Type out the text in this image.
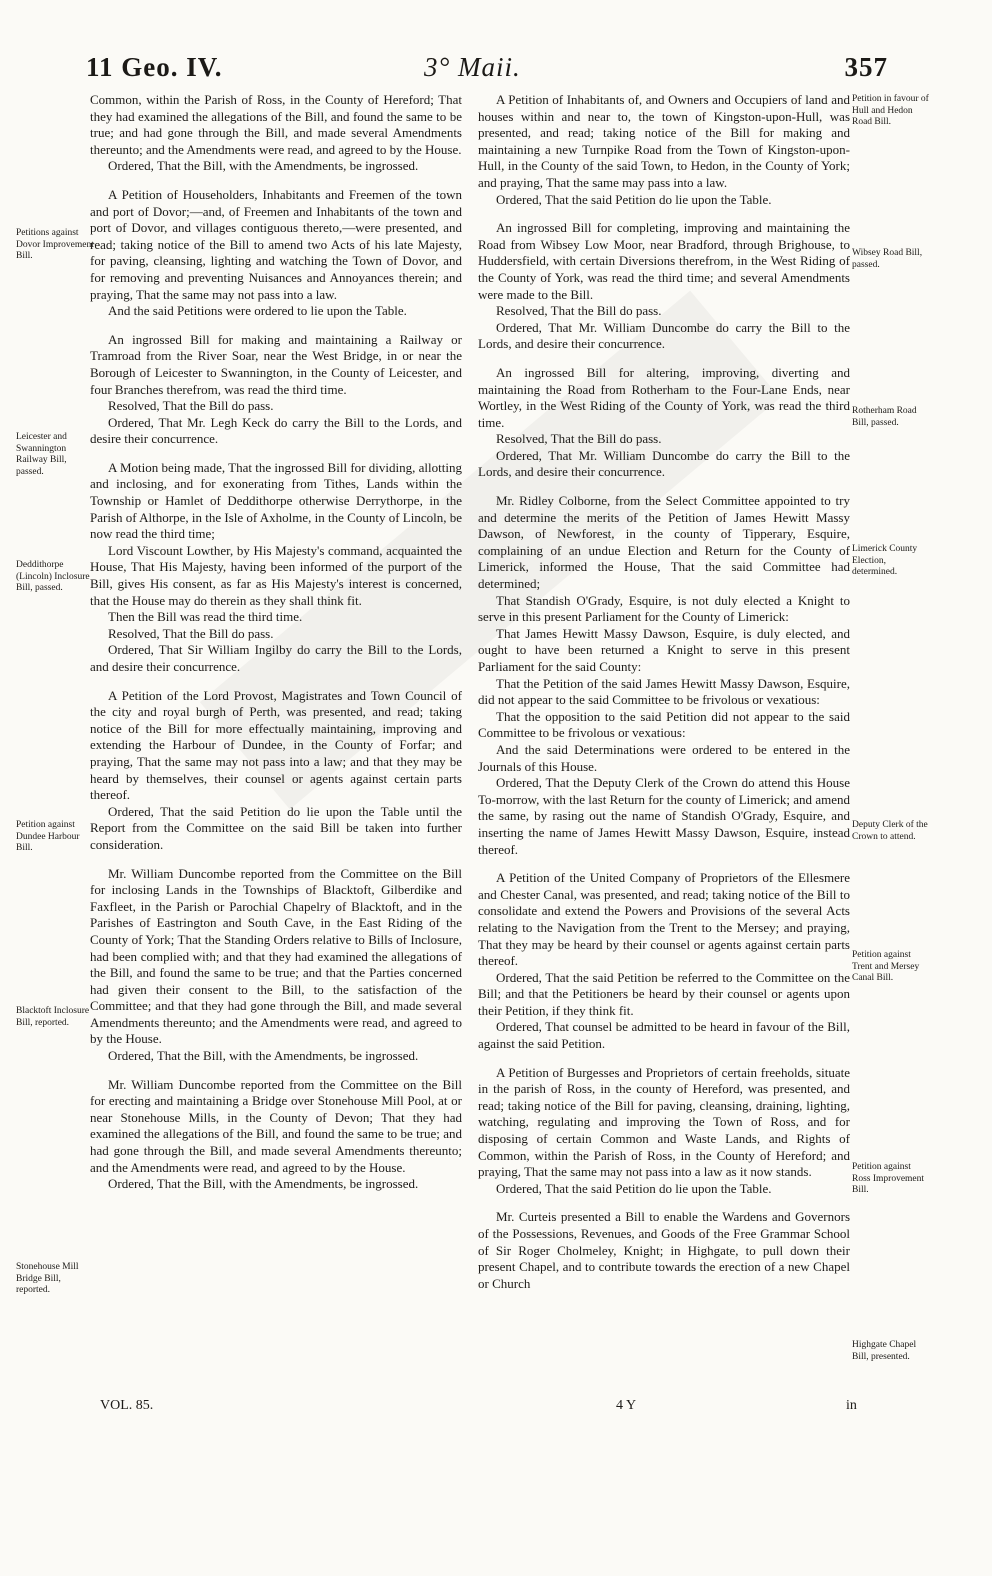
11 Geo. IV.	3° Maii.	357
Petitions against Dovor Improvement Bill.
Leicester and Swannington Railway Bill, passed.
Deddithorpe (Lincoln) Inclosure Bill, passed.
Petition against Dundee Harbour Bill.
Blacktoft Inclosure Bill, reported.
Stonehouse Mill Bridge Bill, reported.
Petition in favour of Hull and Hedon Road Bill.
Wibsey Road Bill, passed.
Rotherham Road Bill, passed.
Limerick County Election, determined.
Deputy Clerk of the Crown to attend.
Petition against Trent and Mersey Canal Bill.
Petition against Ross Improvement Bill.
Highgate Chapel Bill, presented.

Common, within the Parish of Ross, in the County of Hereford; That they had examined the allegations of the Bill, and found the same to be true; and had gone through the Bill, and made several Amendments thereunto; and the Amendments were read, and agreed to by the House.

Ordered, That the Bill, with the Amendments, be ingrossed.

A Petition of Householders, Inhabitants and Freemen of the town and port of Dovor;—and, of Freemen and Inhabitants of the town and port of Dovor, and villages contiguous thereto,—were presented, and read; taking notice of the Bill to amend two Acts of his late Majesty, for paving, cleansing, lighting and watching the Town of Dovor, and for removing and preventing Nuisances and Annoyances therein; and praying, That the same may not pass into a law.

And the said Petitions were ordered to lie upon the Table.

An ingrossed Bill for making and maintaining a Railway or Tramroad from the River Soar, near the West Bridge, in or near the Borough of Leicester to Swannington, in the County of Leicester, and four Branches therefrom, was read the third time.

Resolved, That the Bill do pass.

Ordered, That Mr. Legh Keck do carry the Bill to the Lords, and desire their concurrence.

A Motion being made, That the ingrossed Bill for dividing, allotting and inclosing, and for exonerating from Tithes, Lands within the Township or Hamlet of Deddithorpe otherwise Derrythorpe, in the Parish of Althorpe, in the Isle of Axholme, in the County of Lincoln, be now read the third time;

Lord Viscount Lowther, by His Majesty's command, acquainted the House, That His Majesty, having been informed of the purport of the Bill, gives His consent, as far as His Majesty's interest is concerned, that the House may do therein as they shall think fit.

Then the Bill was read the third time.

Resolved, That the Bill do pass.

Ordered, That Sir William Ingilby do carry the Bill to the Lords, and desire their concurrence.

A Petition of the Lord Provost, Magistrates and Town Council of the city and royal burgh of Perth, was presented, and read; taking notice of the Bill for more effectually maintaining, improving and extending the Harbour of Dundee, in the County of Forfar; and praying, That the same may not pass into a law; and that they may be heard by themselves, their counsel or agents against certain parts thereof.

Ordered, That the said Petition do lie upon the Table until the Report from the Committee on the said Bill be taken into further consideration.

Mr. William Duncombe reported from the Committee on the Bill for inclosing Lands in the Townships of Blacktoft, Gilberdike and Faxfleet, in the Parish or Parochial Chapelry of Blacktoft, and in the Parishes of Eastrington and South Cave, in the East Riding of the County of York; That the Standing Orders relative to Bills of Inclosure, had been complied with; and that they had examined the allegations of the Bill, and found the same to be true; and that the Parties concerned had given their consent to the Bill, to the satisfaction of the Committee; and that they had gone through the Bill, and made several Amendments thereunto; and the Amendments were read, and agreed to by the House.

Ordered, That the Bill, with the Amendments, be ingrossed.

Mr. William Duncombe reported from the Committee on the Bill for erecting and maintaining a Bridge over Stonehouse Mill Pool, at or near Stonehouse Mills, in the County of Devon; That they had examined the allegations of the Bill, and found the same to be true; and had gone through the Bill, and made several Amendments thereunto; and the Amendments were read, and agreed to by the House.

Ordered, That the Bill, with the Amendments, be ingrossed.

A Petition of Inhabitants of, and Owners and Occupiers of land and houses within and near to, the town of Kingston-upon-Hull, was presented, and read; taking notice of the Bill for making and maintaining a new Turnpike Road from the Town of Kingston-upon-Hull, in the County of the said Town, to Hedon, in the County of York; and praying, That the same may pass into a law.

Ordered, That the said Petition do lie upon the Table.

An ingrossed Bill for completing, improving and maintaining the Road from Wibsey Low Moor, near Bradford, through Brighouse, to Huddersfield, with certain Diversions therefrom, in the West Riding of the County of York, was read the third time; and several Amendments were made to the Bill.

Resolved, That the Bill do pass.

Ordered, That Mr. William Duncombe do carry the Bill to the Lords, and desire their concurrence.

An ingrossed Bill for altering, improving, diverting and maintaining the Road from Rotherham to the Four-Lane Ends, near Wortley, in the West Riding of the County of York, was read the third time.

Resolved, That the Bill do pass.

Ordered, That Mr. William Duncombe do carry the Bill to the Lords, and desire their concurrence.

Mr. Ridley Colborne, from the Select Committee appointed to try and determine the merits of the Petition of James Hewitt Massy Dawson, of Newforest, in the county of Tipperary, Esquire, complaining of an undue Election and Return for the County of Limerick, informed the House, That the said Committee had determined;

That Standish O'Grady, Esquire, is not duly elected a Knight to serve in this present Parliament for the County of Limerick:

That James Hewitt Massy Dawson, Esquire, is duly elected, and ought to have been returned a Knight to serve in this present Parliament for the said County:

That the Petition of the said James Hewitt Massy Dawson, Esquire, did not appear to the said Committee to be frivolous or vexatious:

That the opposition to the said Petition did not appear to the said Committee to be frivolous or vexatious:

And the said Determinations were ordered to be entered in the Journals of this House.

Ordered, That the Deputy Clerk of the Crown do attend this House To-morrow, with the last Return for the county of Limerick; and amend the same, by rasing out the name of Standish O'Grady, Esquire, and inserting the name of James Hewitt Massy Dawson, Esquire, instead thereof.

A Petition of the United Company of Proprietors of the Ellesmere and Chester Canal, was presented, and read; taking notice of the Bill to consolidate and extend the Powers and Provisions of the several Acts relating to the Navigation from the Trent to the Mersey; and praying, That they may be heard by their counsel or agents against certain parts thereof.

Ordered, That the said Petition be referred to the Committee on the Bill; and that the Petitioners be heard by their counsel or agents upon their Petition, if they think fit.

Ordered, That counsel be admitted to be heard in favour of the Bill, against the said Petition.

A Petition of Burgesses and Proprietors of certain freeholds, situate in the parish of Ross, in the county of Hereford, was presented, and read; taking notice of the Bill for paving, cleansing, draining, lighting, watching, regulating and improving the Town of Ross, and for disposing of certain Common and Waste Lands, and Rights of Common, within the Parish of Ross, in the County of Hereford; and praying, That the same may not pass into a law as it now stands.

Ordered, That the said Petition do lie upon the Table.

Mr. Curteis presented a Bill to enable the Wardens and Governors of the Possessions, Revenues, and Goods of the Free Grammar School of Sir Roger Cholmeley, Knight; in Highgate, to pull down their present Chapel, and to contribute towards the erection of a new Chapel or Church

VOL. 85.	4 Y	in
